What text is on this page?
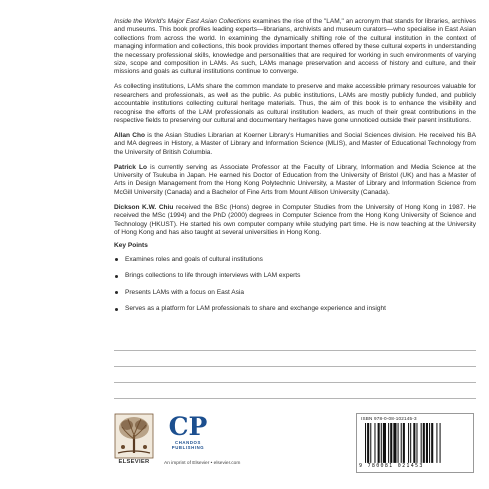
Inside the World's Major East Asian Collections examines the rise of the "LAM," an acronym that stands for libraries, archives and museums. This book profiles leading experts—librarians, archivists and museum curators—who specialise in East Asian collections from across the world. In examining the dynamically shifting role of the cultural institution in the context of managing information and collections, this book provides important themes offered by these cultural experts in understanding the necessary professional skills, knowledge and personalities that are required for working in such environments of varying size, scope and composition in LAMs. As such, LAMs manage preservation and access of history and culture, and their missions and goals as cultural institutions continue to converge.

As collecting institutions, LAMs share the common mandate to preserve and make accessible primary resources valuable for researchers and professionals, as well as the public. As public institutions, LAMs are mostly publicly funded, and publicly accountable institutions collecting cultural heritage materials. Thus, the aim of this book is to enhance the visibility and recognise the efforts of the LAM professionals as cultural institution leaders, as much of their great contributions in the respective fields to preserving our cultural and documentary heritages have gone unnoticed outside their parent institutions.

Allan Cho is the Asian Studies Librarian at Koerner Library's Humanities and Social Sciences division. He received his BA and MA degrees in History, a Master of Library and Information Science (MLIS), and Master of Educational Technology from the University of British Columbia.

Patrick Lo is currently serving as Associate Professor at the Faculty of Library, Information and Media Science at the University of Tsukuba in Japan. He earned his Doctor of Education from the University of Bristol (UK) and has a Master of Arts in Design Management from the Hong Kong Polytechnic University, a Master of Library and Information Science from McGill University (Canada) and a Bachelor of Fine Arts from Mount Allison University (Canada).

Dickson K.W. Chiu received the BSc (Hons) degree in Computer Studies from the University of Hong Kong in 1987. He received the MSc (1994) and the PhD (2000) degrees in Computer Science from the Hong Kong University of Science and Technology (HKUST). He started his own computer company while studying part time. He is now teaching at the University of Hong Kong and has also taught at several universities in Hong Kong.

Key Points
Examines roles and goals of cultural institutions
Brings collections to life through interviews with LAM experts
Presents LAMs with a focus on East Asia
Serves as a platform for LAM professionals to share and exchange experience and insight
ELSEVIER
CP
CHANDOS
PUBLISHING
An imprint of Elsevier • elsevier.com
ISBN 978-0-08-102145-3
9 780081 021453
